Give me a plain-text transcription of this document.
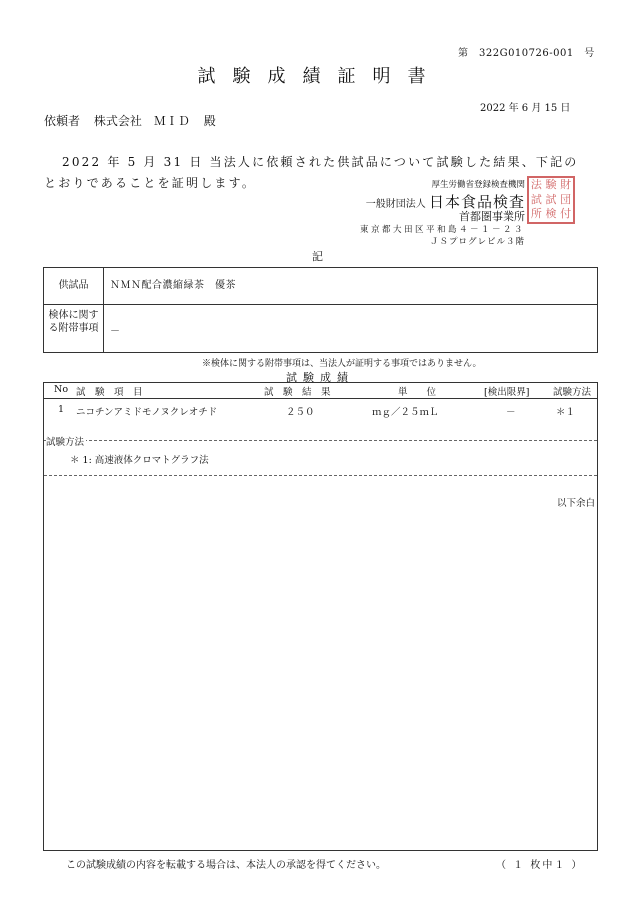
第　322G010726-001　号
試験成績証明書
2022 年 6 月 15 日
依頼者 株式会社　ＭＩＤ 殿
2022 年 5 月 31 日 当法人に依頼された供試品について試験した結果、下記の
とおりであることを証明します。	厚生労働省登録検査機関
一般財団法人 日本食品検査
首都圏事業所
東京都大田区平和島４－１－２３
ＪＳプログレビル３階
法 験 財
試 試 団
所 検 付
記
供試品	ＮＭＮ配合濃縮緑茶　優茶
検体に関する附帯事項	－
※検体に関する附帯事項は、当法人が証明する事項ではありません。
試験成績
No 試　験　項　目	試　験　結　果	単　　位	[検出限界] 試験方法
1 ニコチンアミドモノヌクレオチド	２５０	ｍｇ／２５ｍＬ	－	＊１
試験方法
＊ 1: 高速液体クロマトグラフ法
以下余白
この試験成績の内容を転載する場合は、本法人の承認を得てください。	（ １ 枚中１ ）
